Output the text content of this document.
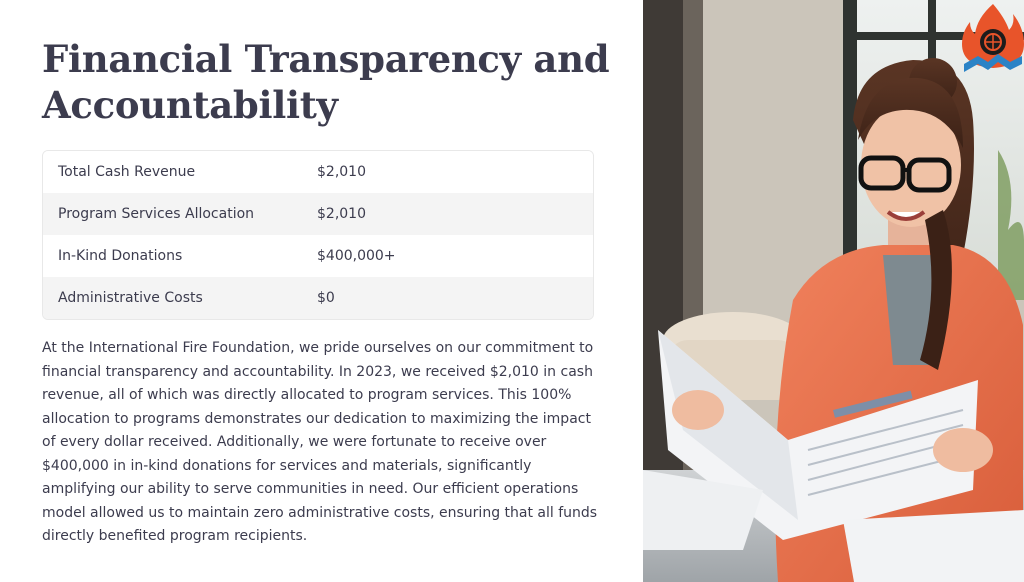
Financial Transparency and Accountability
Total Cash Revenue	$2,010
Program Services Allocation	$2,010
In-Kind Donations	$400,000+
Administrative Costs	$0

At the International Fire Foundation, we pride ourselves on our commitment to financial transparency and accountability. In 2023, we received $2,010 in cash revenue, all of which was directly allocated to program services. This 100% allocation to programs demonstrates our dedication to maximizing the impact of every dollar received. Additionally, we were fortunate to receive over $400,000 in in-kind donations for services and materials, significantly amplifying our ability to serve communities in need. Our efficient operations model allowed us to maintain zero administrative costs, ensuring that all funds directly benefited program recipients.
